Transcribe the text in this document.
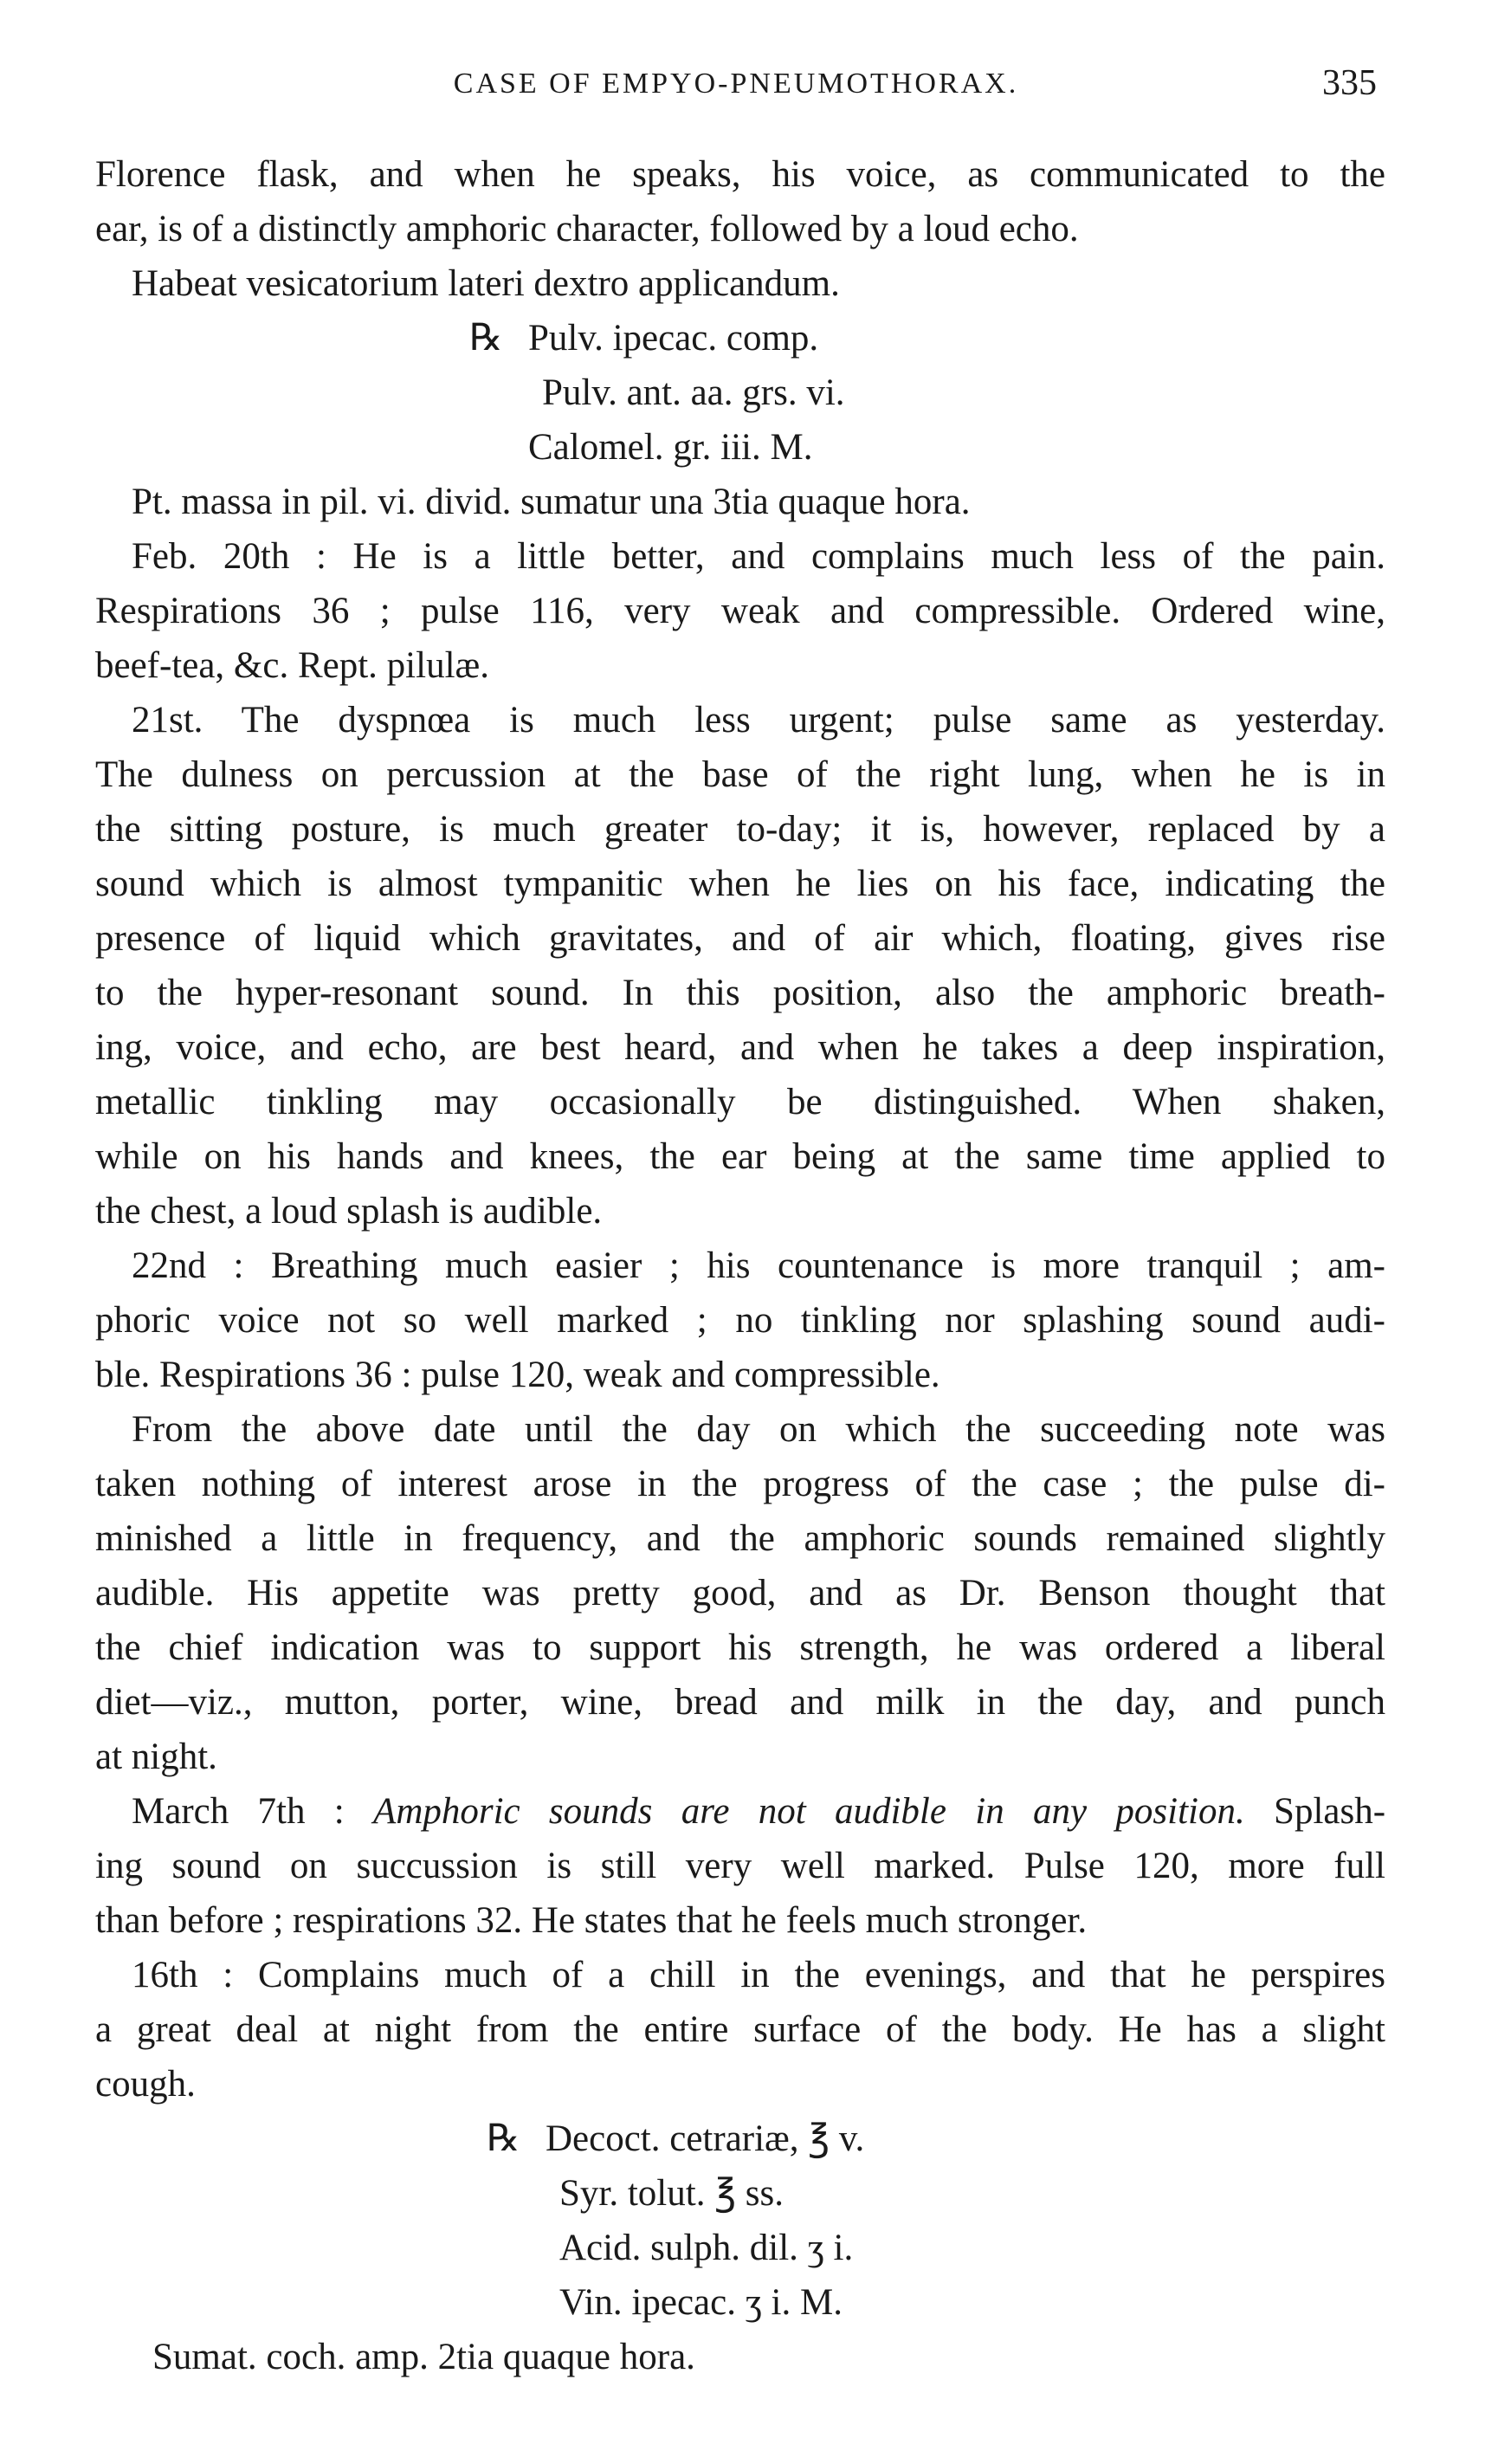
CASE OF EMPYO-PNEUMOTHORAX.	335
Florence flask, and when he speaks, his voice, as communicated to the
ear, is of a distinctly amphoric character, followed by a loud echo.
Habeat vesicatorium lateri dextro applicandum.
℞ Pulv. ipecac. comp.
Pulv. ant. aa. grs. vi.
Calomel. gr. iii. M.
Pt. massa in pil. vi. divid. sumatur una 3tia quaque hora.
Feb. 20th : He is a little better, and complains much less of the pain.
Respirations 36 ; pulse 116, very weak and compressible. Ordered wine,
beef-tea, &c. Rept. pilulæ.
21st. The dyspnœa is much less urgent; pulse same as yesterday.
The dulness on percussion at the base of the right lung, when he is in
the sitting posture, is much greater to-day; it is, however, replaced by a
sound which is almost tympanitic when he lies on his face, indicating the
presence of liquid which gravitates, and of air which, floating, gives rise
to the hyper-resonant sound. In this position, also the amphoric breath-
ing, voice, and echo, are best heard, and when he takes a deep inspiration,
metallic tinkling may occasionally be distinguished. When shaken,
while on his hands and knees, the ear being at the same time applied to
the chest, a loud splash is audible.
22nd : Breathing much easier ; his countenance is more tranquil ; am-
phoric voice not so well marked ; no tinkling nor splashing sound audi-
ble. Respirations 36 : pulse 120, weak and compressible.
From the above date until the day on which the succeeding note was
taken nothing of interest arose in the progress of the case ; the pulse di-
minished a little in frequency, and the amphoric sounds remained slightly
audible. His appetite was pretty good, and as Dr. Benson thought that
the chief indication was to support his strength, he was ordered a liberal
diet—viz., mutton, porter, wine, bread and milk in the day, and punch
at night.
March 7th : Amphoric sounds are not audible in any position. Splash-
ing sound on succussion is still very well marked. Pulse 120, more full
than before ; respirations 32. He states that he feels much stronger.
16th : Complains much of a chill in the evenings, and that he perspires
a great deal at night from the entire surface of the body. He has a slight
cough.
℞ Decoct. cetrariæ, ℥ v.
Syr. tolut. ℥ ss.
Acid. sulph. dil. ʒ i.
Vin. ipecac. ʒ i. M.
Sumat. coch. amp. 2tia quaque hora.
